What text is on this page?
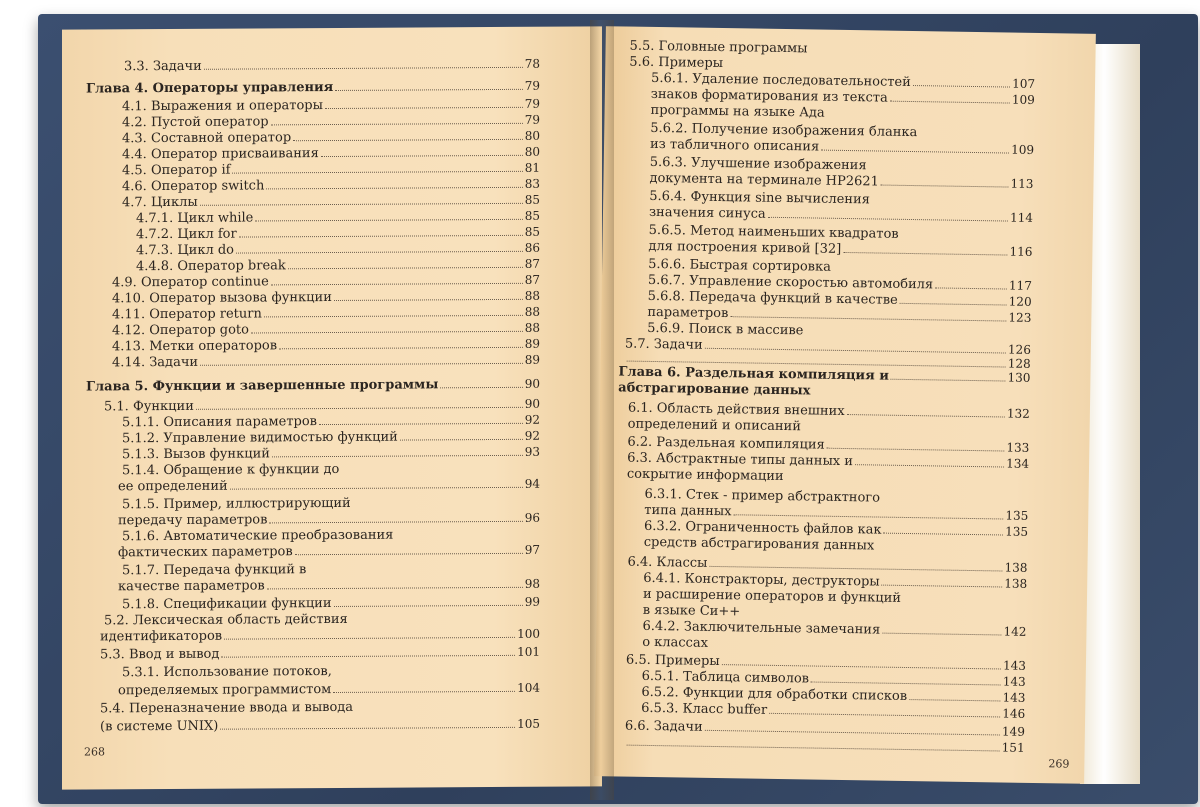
3.3. Задачи	78
Глава 4. Операторы управления	79
4.1. Выражения и операторы	79
4.2. Пустой оператор	79
4.3. Составной оператор	80
4.4. Оператор присваивания	80
4.5. Оператор if	81
4.6. Оператор switch	83
4.7. Циклы	85
4.7.1. Цикл while	85
4.7.2. Цикл for	85
4.7.3. Цикл do	86
4.4.8. Оператор break	87
4.9. Оператор continue	87
4.10. Оператор вызова функции	88
4.11. Оператор return	88
4.12. Оператор goto	88
4.13. Метки операторов	89
4.14. Задачи	89
Глава 5. Функции и завершенные программы	90
5.1. Функции	90
5.1.1. Описания параметров	92
5.1.2. Управление видимостью функций	92
5.1.3. Вызов функций	93
5.1.4. Обращение к функции до
ее определений	94
5.1.5. Пример, иллюстрирующий
передачу параметров	96
5.1.6. Автоматические преобразования
фактических параметров	97
5.1.7. Передача функций в
качестве параметров	98
5.1.8. Спецификации функции	99
5.2. Лексическая область действия
идентификаторов	100
5.3. Ввод и вывод	101
5.3.1. Использование потоков,
определяемых программистом	104
5.4. Переназначение ввода и вывода
(в системе UNIX)	105
268
5.5. Головные программы
5.6. Примеры
5.6.1. Удаление последовательностей	107
знаков форматирования из текста	109
программы на языке Ада
5.6.2. Получение изображения бланка
из табличного описания	109
5.6.3. Улучшение изображения
документа на терминале HP2621	113
5.6.4. Функция sine вычисления
значения синуса	114
5.6.5. Метод наименьших квадратов
для построения кривой [32]	116
5.6.6. Быстрая сортировка
5.6.7. Управление скоростью автомобиля	117
5.6.8. Передача функций в качестве	120
параметров	123
5.6.9. Поиск в массиве
5.7. Задачи	126
128
Глава 6. Раздельная компиляция и	130
абстрагирование данных
6.1. Область действия внешних	132
определений и описаний
6.2. Раздельная компиляция	133
6.3. Абстрактные типы данных и	134
сокрытие информации
6.3.1. Стек - пример абстрактного
типа данных	135
6.3.2. Ограниченность файлов как	135
средств абстрагирования данных
6.4. Классы	138
6.4.1. Констракторы, деструкторы	138
и расширение операторов и функций
в языке Си++
6.4.2. Заключительные замечания	142
о классах
6.5. Примеры	143
6.5.1. Таблица символов	143
6.5.2. Функции для обработки списков	143
6.5.3. Класс buffer	146
6.6. Задачи	149
151
269
